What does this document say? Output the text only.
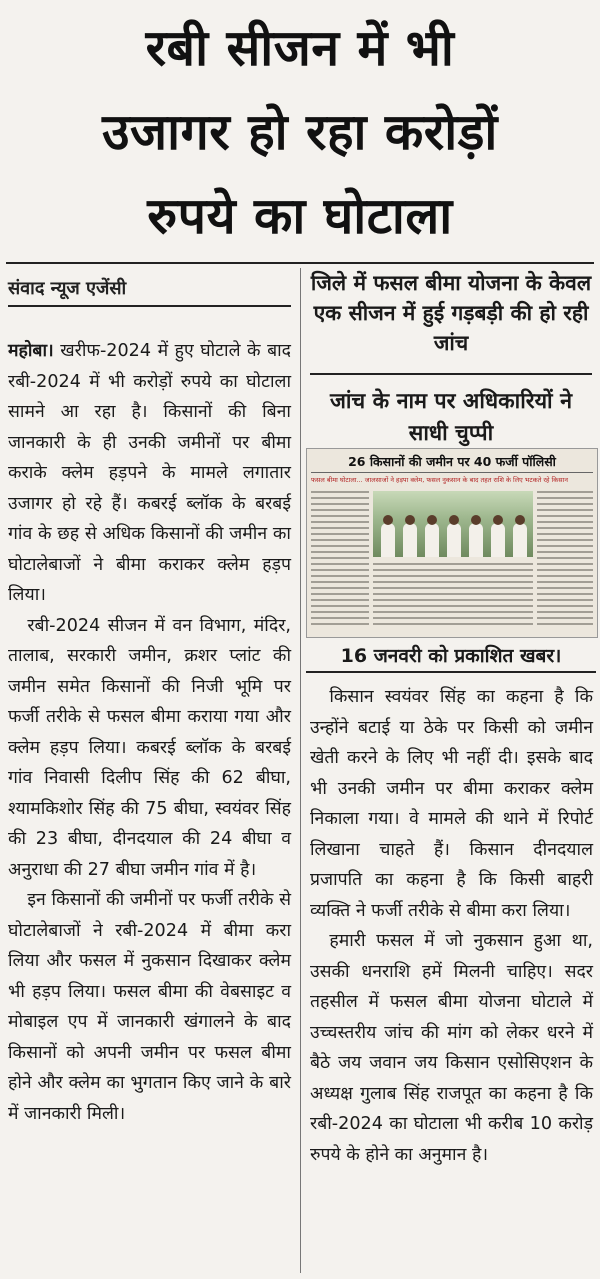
रबी सीजन में भी
उजागर हो रहा करोड़ों
रुपये का घोटाला
संवाद न्यूज एजेंसी

महोबा। खरीफ-2024 में हुए घोटाले के बाद रबी-2024 में भी करोड़ों रुपये का घोटाला सामने आ रहा है। किसानों की बिना जानकारी के ही उनकी जमीनों पर बीमा कराके क्लेम हड़पने के मामले लगातार उजागर हो रहे हैं। कबरई ब्लॉक के बरबई गांव के छह से अधिक किसानों की जमीन का घोटालेबाजों ने बीमा कराकर क्लेम हड़प लिया।

रबी-2024 सीजन में वन विभाग, मंदिर, तालाब, सरकारी जमीन, क्रशर प्लांट की जमीन समेत किसानों की निजी भूमि पर फर्जी तरीके से फसल बीमा कराया गया और क्लेम हड़प लिया। कबरई ब्लॉक के बरबई गांव निवासी दिलीप सिंह की 62 बीघा, श्यामकिशोर सिंह की 75 बीघा, स्वयंवर सिंह की 23 बीघा, दीनदयाल की 24 बीघा व अनुराधा की 27 बीघा जमीन गांव में है।

इन किसानों की जमीनों पर फर्जी तरीके से घोटालेबाजों ने रबी-2024 में बीमा करा लिया और फसल में नुकसान दिखाकर क्लेम भी हड़प लिया। फसल बीमा की वेबसाइट व मोबाइल एप में जानकारी खंगालने के बाद किसानों को अपनी जमीन पर फसल बीमा होने और क्लेम का भुगतान किए जाने के बारे में जानकारी मिली।

जिले में फसल बीमा योजना के केवल एक सीजन में हुई गड़बड़ी की हो रही जांच
जांच के नाम पर अधिकारियों ने साधी चुप्पी
26 किसानों की जमीन पर 40 फर्जी पॉलिसी
फसल बीमा घोटाला... जालसाजों ने हड़पा क्लेम, फसल नुकसान के बाद तहत राशि के लिए भटकते रहे किसान
16 जनवरी को प्रकाशित खबर।

किसान स्वयंवर सिंह का कहना है कि उन्होंने बटाई या ठेके पर किसी को जमीन खेती करने के लिए भी नहीं दी। इसके बाद भी उनकी जमीन पर बीमा कराकर क्लेम निकाला गया। वे मामले की थाने में रिपोर्ट लिखाना चाहते हैं। किसान दीनदयाल प्रजापति का कहना है कि किसी बाहरी व्यक्ति ने फर्जी तरीके से बीमा करा लिया।

हमारी फसल में जो नुकसान हुआ था, उसकी धनराशि हमें मिलनी चाहिए। सदर तहसील में फसल बीमा योजना घोटाले में उच्चस्तरीय जांच की मांग को लेकर धरने में बैठे जय जवान जय किसान एसोसिएशन के अध्यक्ष गुलाब सिंह राजपूत का कहना है कि रबी-2024 का घोटाला भी करीब 10 करोड़ रुपये के होने का अनुमान है।
